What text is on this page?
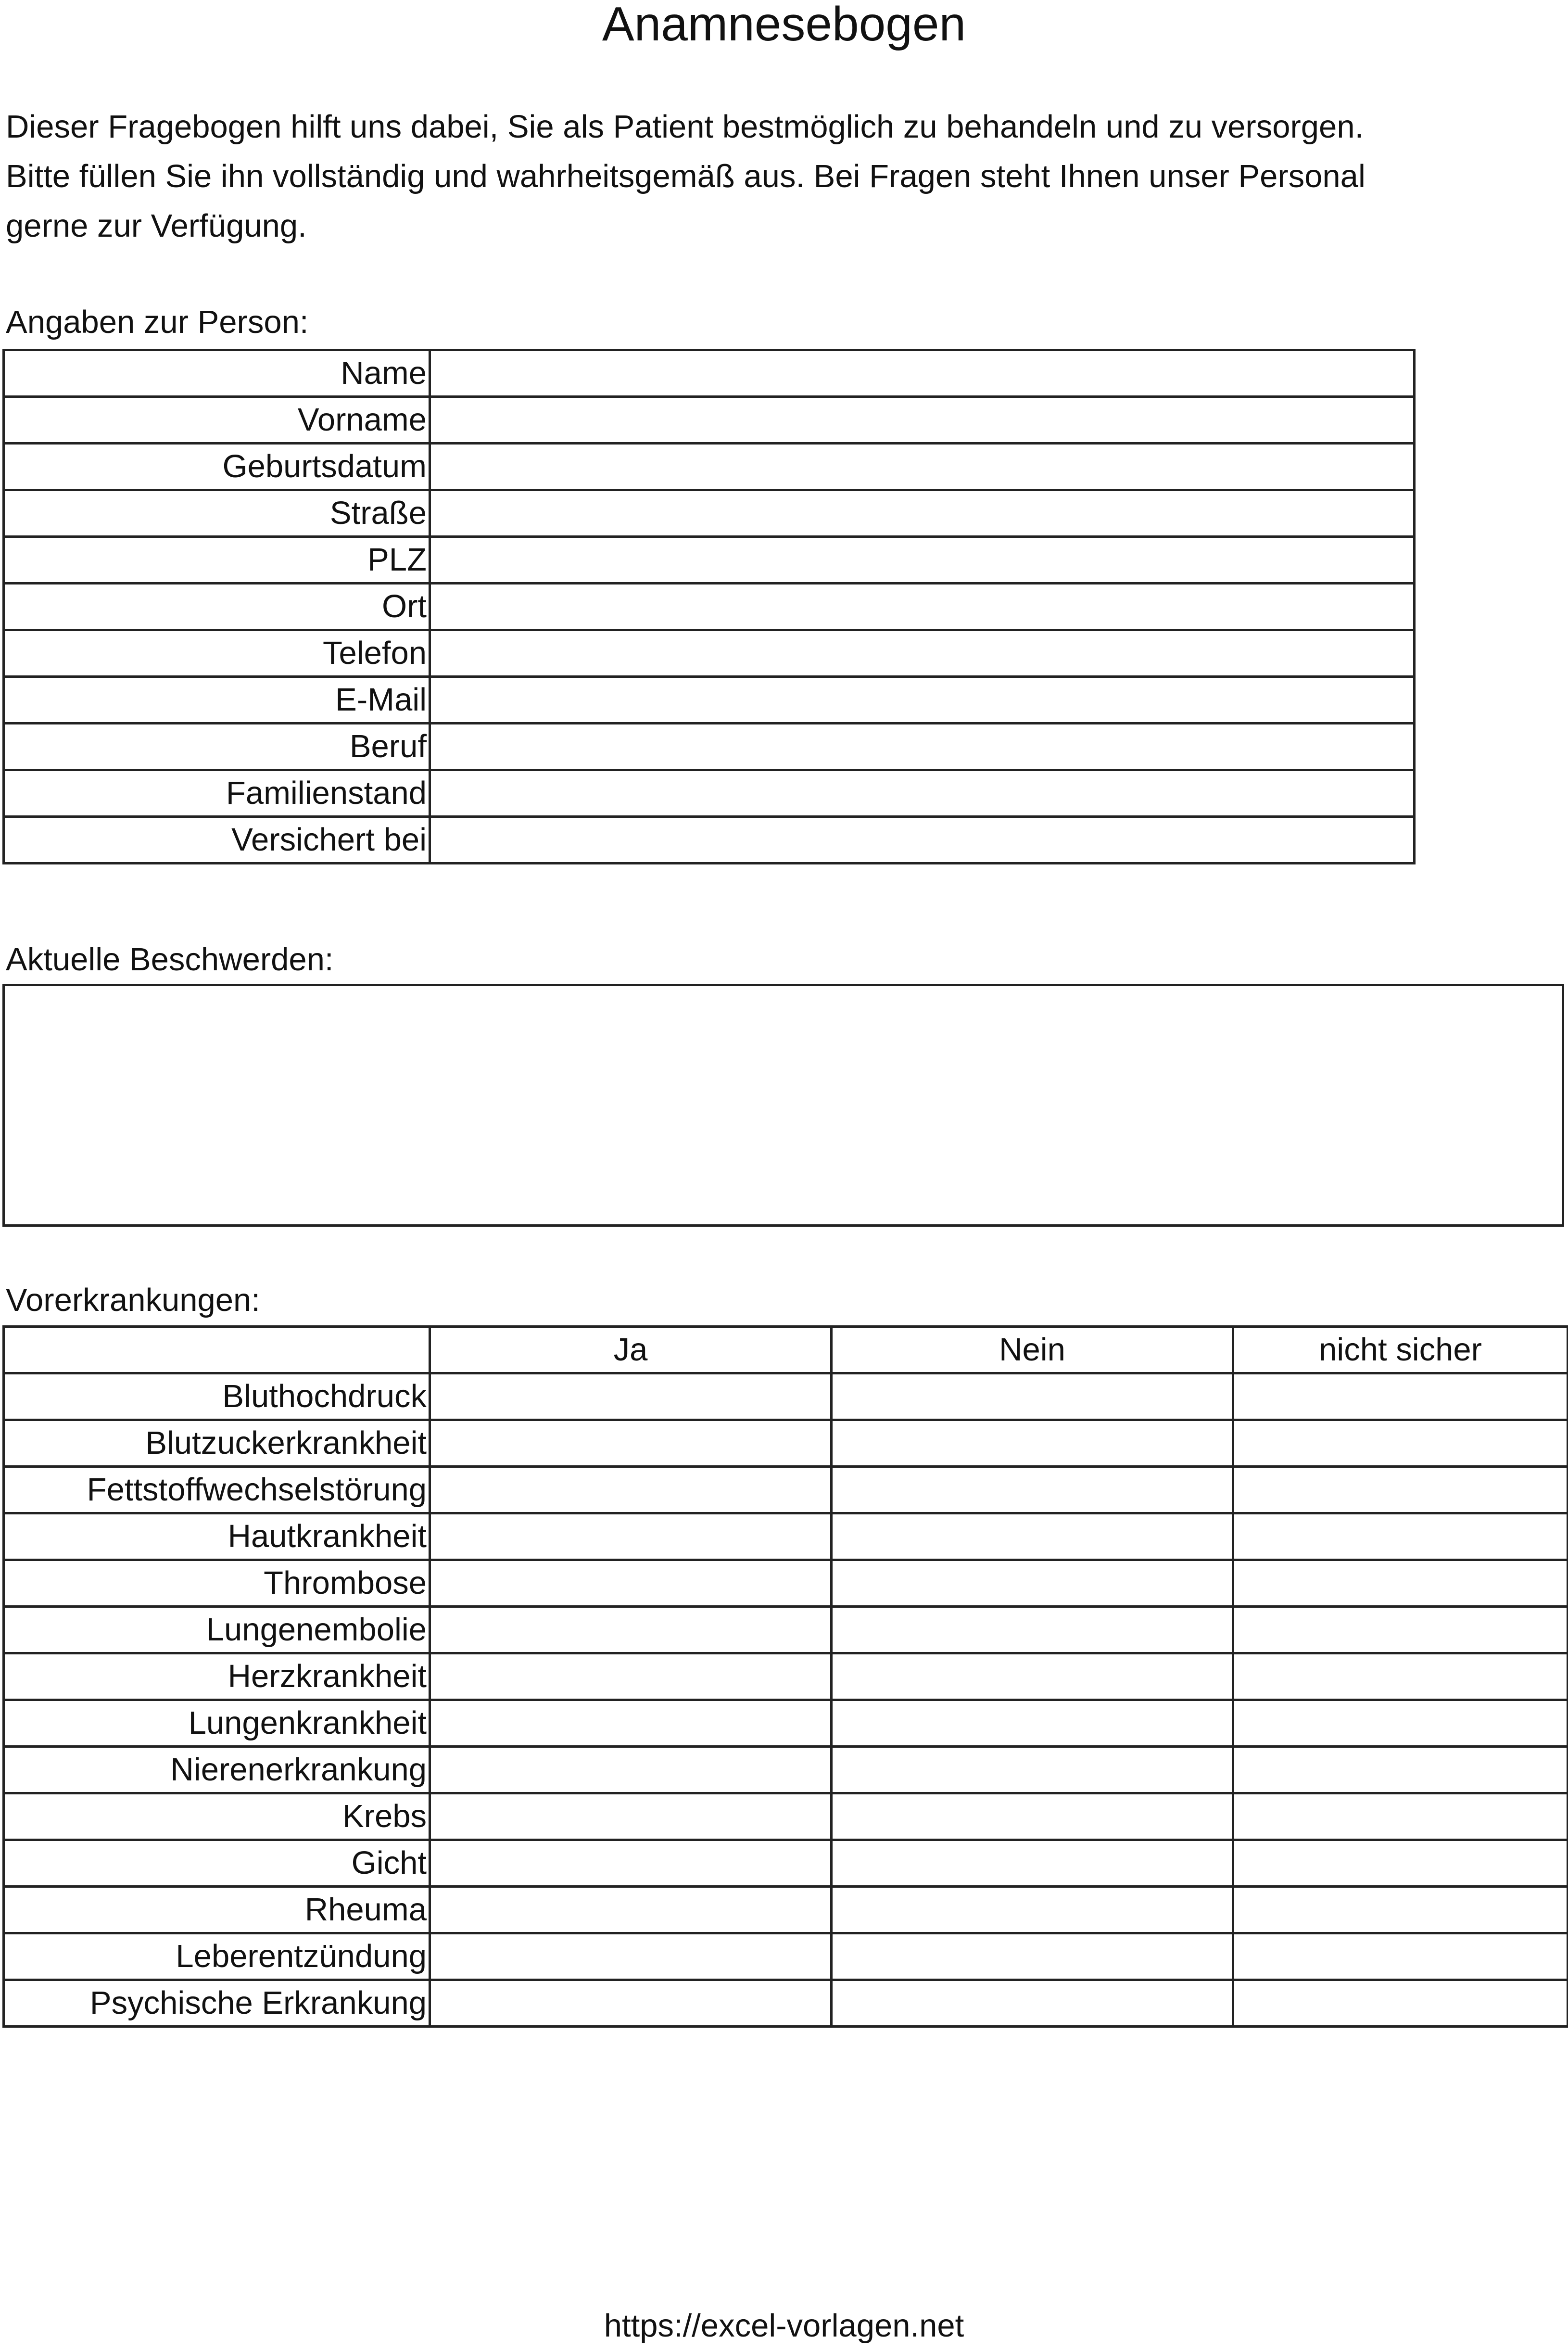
Anamnesebogen
Dieser Fragebogen hilft uns dabei, Sie als Patient bestmöglich zu behandeln und zu versorgen.
Bitte füllen Sie ihn vollständig und wahrheitsgemäß aus. Bei Fragen steht Ihnen unser Personal
gerne zur Verfügung.
Angaben zur Person:
Name	
Vorname	
Geburtsdatum	
Straße	
PLZ	
Ort	
Telefon	
E-Mail	
Beruf	
Familienstand	
Versichert bei	
Aktuelle Beschwerden:
Vorerkrankungen:
	Ja	Nein	nicht sicher
Bluthochdruck			
Blutzuckerkrankheit			
Fettstoffwechselstörung			
Hautkrankheit			
Thrombose			
Lungenembolie			
Herzkrankheit			
Lungenkrankheit			
Nierenerkrankung			
Krebs			
Gicht			
Rheuma			
Leberentzündung			
Psychische Erkrankung			
https://excel-vorlagen.net
